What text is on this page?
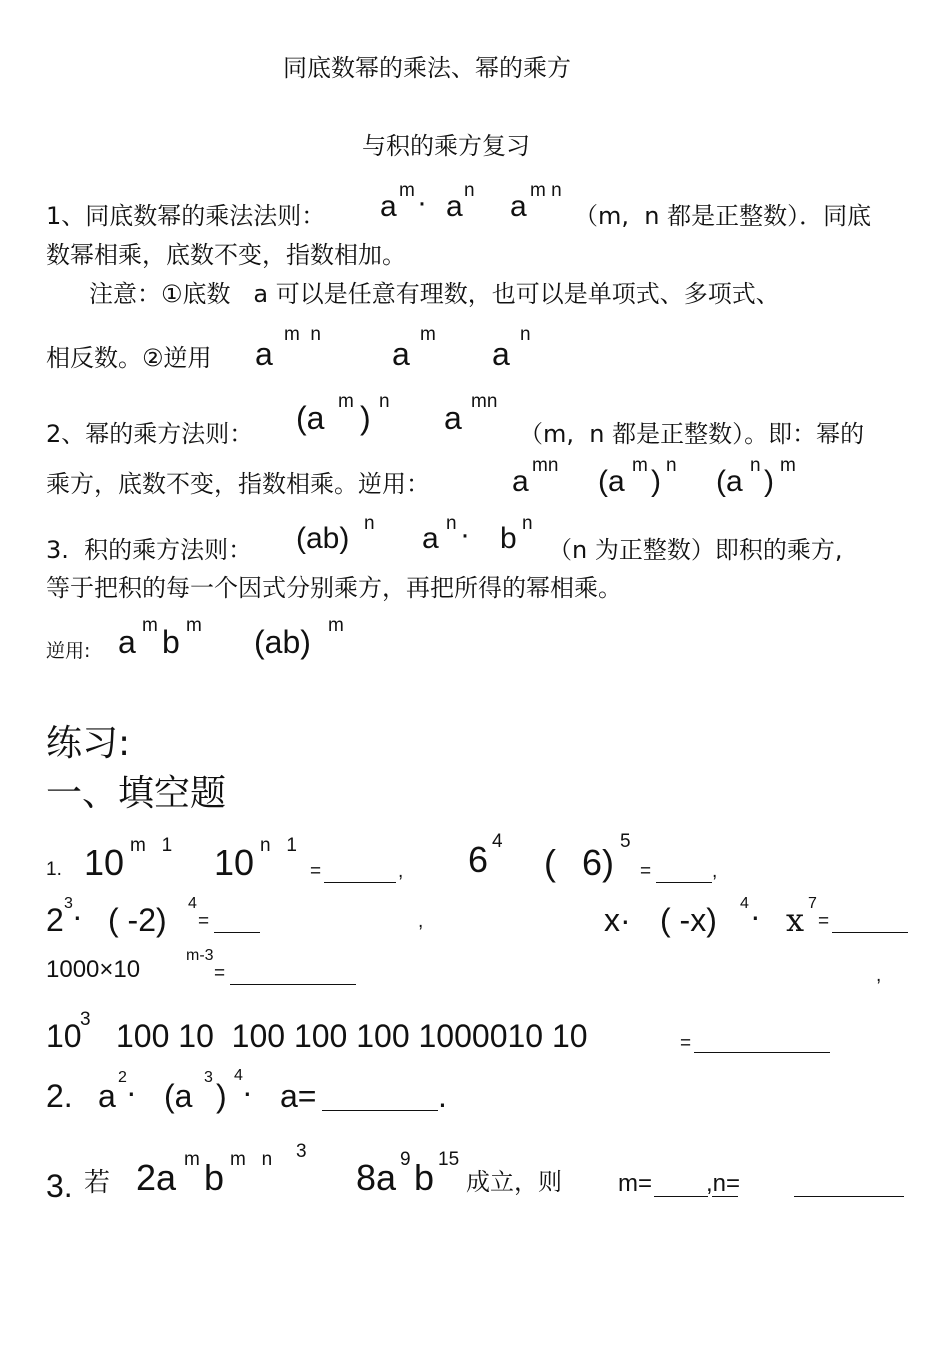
同底数幂的乘法、幂的乘方
与积的乘方复习
1、同底数幂的乘法法则： a m · a n a m n
（m,  n 都是正整数）．同底
数幂相乘，底数不变，指数相加。
注意：①底数   a 可以是任意有理数，也可以是单项式、多项式、
相反数。②逆用 a
m  n
a
m
a
n
2、幂的乘方法则： (a m ) n a mn
（m,  n 都是正整数）。即：幂的
乘方，底数不变，指数相乘。逆用：	a mn (a m ) n (a n ) m
3.  积的乘方法则： (ab) n a n · b n
（n 为正整数）即积的乘方,
等于把积的每一个因式分别乘方，再把所得的幂相乘。
逆用: a m b m (ab) m
练习:
一、填空题
1. 10 m   1 10 n   1
=	, 6 4
( 6)
5
=	,
2 3 · ( -2) 4
=	,	x· ( -x) 4 · x 7
=
1000×10
m-3
=	,
10
3 100 10  100 100 100 1000010 10	=
2. a
2 · (a
3
)
4 · a=	.
3. 若 2a m b m   n 3
8a 9 b 15
成立，则 m= ,n=
